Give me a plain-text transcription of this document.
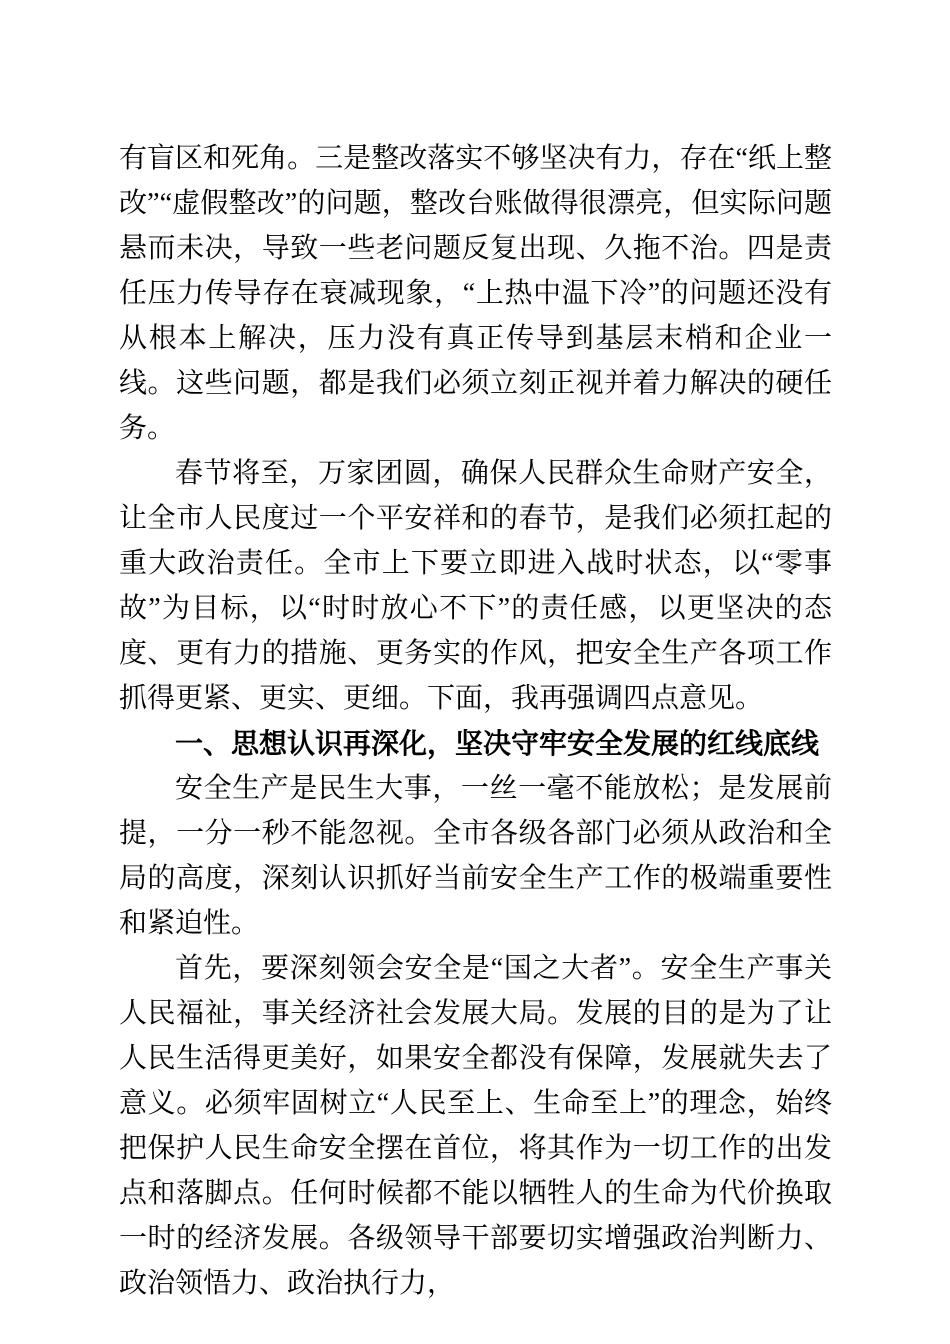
有盲区和死角。三是整改落实不够坚决有力，存在“纸上整改”“虚假整改”的问题，整改台账做得很漂亮，但实际问题悬而未决，导致一些老问题反复出现、久拖不治。四是责任压力传导存在衰减现象，“上热中温下冷”的问题还没有从根本上解决，压力没有真正传导到基层末梢和企业一线。这些问题，都是我们必须立刻正视并着力解决的硬任务。

春节将至，万家团圆，确保人民群众生命财产安全，让全市人民度过一个平安祥和的春节，是我们必须扛起的重大政治责任。全市上下要立即进入战时状态，以“零事故”为目标，以“时时放心不下”的责任感，以更坚决的态度、更有力的措施、更务实的作风，把安全生产各项工作抓得更紧、更实、更细。下面，我再强调四点意见。

一、思想认识再深化，坚决守牢安全发展的红线底线

安全生产是民生大事，一丝一毫不能放松；是发展前提，一分一秒不能忽视。全市各级各部门必须从政治和全局的高度，深刻认识抓好当前安全生产工作的极端重要性和紧迫性。

首先，要深刻领会安全是“国之大者”。安全生产事关人民福祉，事关经济社会发展大局。发展的目的是为了让人民生活得更美好，如果安全都没有保障，发展就失去了意义。必须牢固树立“人民至上、生命至上”的理念，始终把保护人民生命安全摆在首位，将其作为一切工作的出发点和落脚点。任何时候都不能以牺牲人的生命为代价换取一时的经济发展。各级领导干部要切实增强政治判断力、政治领悟力、政治执行力，
